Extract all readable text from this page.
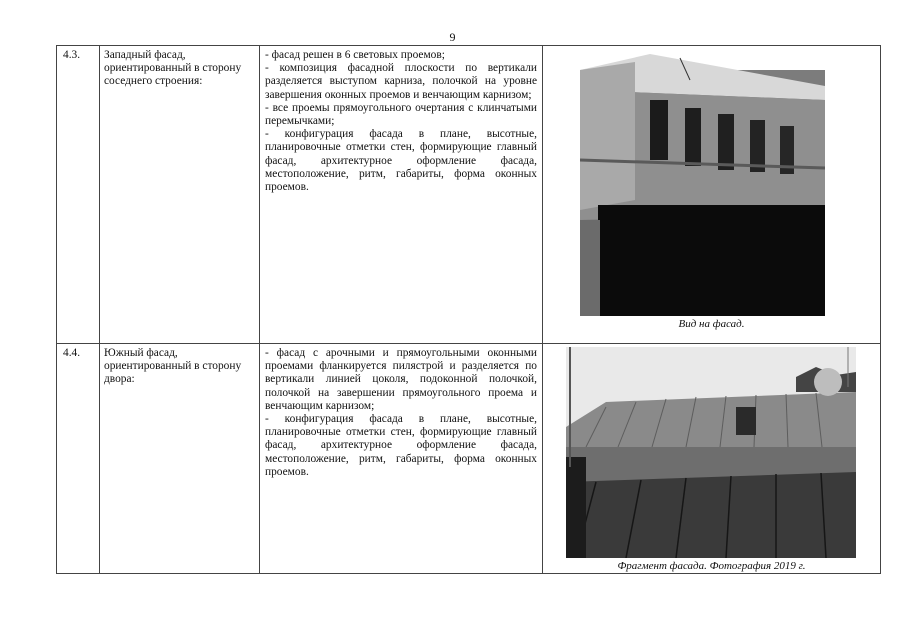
9
4.3.	Западный фасад, ориентированный в сторону соседнего строения:	- фасад решен в 6 световых проемов;

- композиция фасадной плоскости по вертикали разделяется выступом карниза, полочкой на уровне завершения оконных проемов и венчающим карнизом;

- все проемы прямоугольного очертания с клинчатыми перемычками;

- конфигурация фасада в плане, высотные, планировочные отметки стен, формирующие главный фасад, архитектурное оформление фасада, местоположение, ритм, габариты, форма оконных проемов.	Вид на фасад.

4.4.	Южный фасад, ориентированный в сторону двора:	- фасад с арочными и прямоугольными оконными проемами фланкируется пилястрой и разделяется по вертикали линией цоколя, подоконной полочкой, полочкой на завершении прямоугольного проема и венчающим карнизом;

- конфигурация фасада в плане, высотные, планировочные отметки стен, формирующие главный фасад, архитектурное оформление фасада, местоположение, ритм, габариты, форма оконных проемов.	Фрагмент фасада. Фотография 2019 г.
